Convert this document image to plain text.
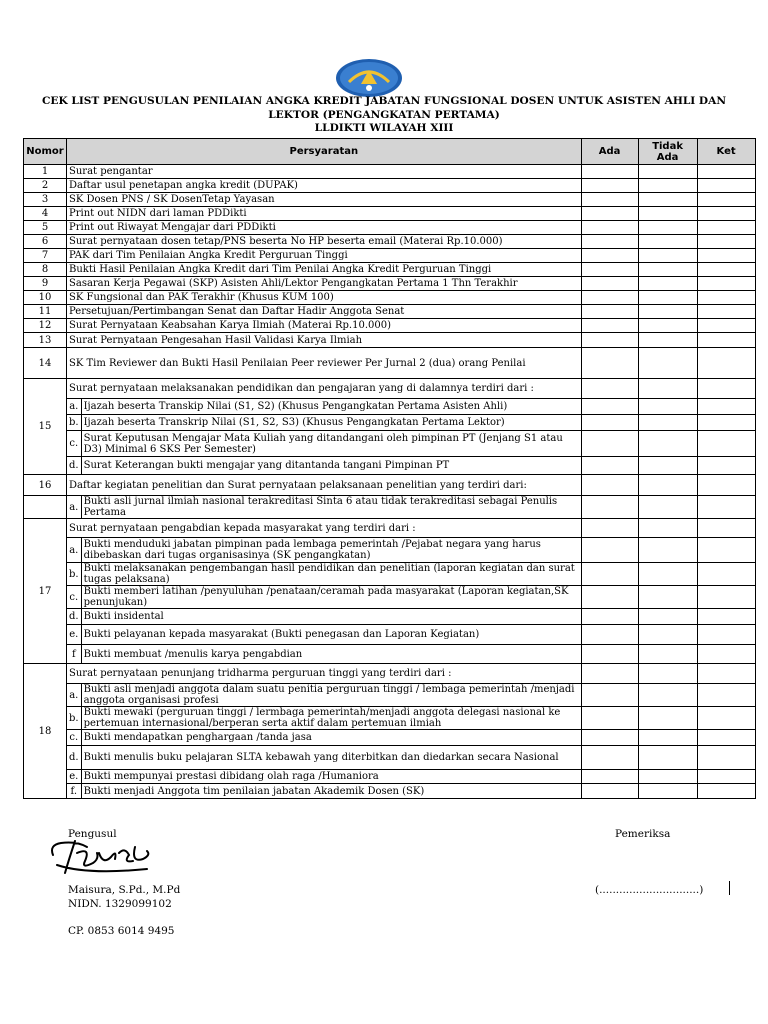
CEK LIST PENGUSULAN PENILAIAN ANGKA KREDIT JABATAN FUNGSIONAL DOSEN UNTUK ASISTEN AHLI DAN
LEKTOR (PENGANGKATAN PERTAMA)
LLDIKTI WILAYAH XIII
Nomor	Persyaratan		Ada	Tidak Ada	Ket
1	Surat pengantar				
2	Daftar usul penetapan angka kredit (DUPAK)				
3	SK Dosen PNS / SK DosenTetap Yayasan				
4	Print out NIDN dari laman PDDikti				
5	Print out Riwayat Mengajar dari PDDikti				
6	Surat pernyataan dosen tetap/PNS beserta No HP beserta email (Materai Rp.10.000)				
7	PAK dari Tim Penilaian Angka Kredit Perguruan Tinggi				
8	Bukti Hasil Penilaian Angka Kredit dari Tim Penilai Angka Kredit Perguruan Tinggi				
9	Sasaran Kerja Pegawai (SKP) Asisten Ahli/Lektor Pengangkatan Pertama 1 Thn Terakhir				
10	SK Fungsional dan PAK Terakhir (Khusus KUM 100)				
11	Persetujuan/Pertimbangan Senat dan Daftar Hadir Anggota Senat				
12	Surat Pernyataan Keabsahan Karya Ilmiah (Materai Rp.10.000)				
13	Surat Pernyataan Pengesahan Hasil Validasi Karya Ilmiah				
14	SK Tim Reviewer dan Bukti Hasil Penilaian Peer reviewer Per Jurnal 2 (dua) orang Penilai				
15	Surat pernyataan melaksanakan pendidikan dan pengajaran yang di dalamnya terdiri dari :				
	a.	Ijazah beserta Transkip Nilai (S1, S2) (Khusus Pengangkatan Pertama Asisten Ahli)			
	b.	Ijazah beserta Transkrip Nilai (S1, S2, S3) (Khusus Pengangkatan Pertama Lektor)			
	c.	Surat Keputusan Mengajar Mata Kuliah yang ditandangani oleh pimpinan PT (Jenjang S1 atau D3) Minimal 6 SKS Per Semester)			
	d.	Surat Keterangan bukti mengajar yang ditantanda tangani Pimpinan PT			
16	Daftar kegiatan penelitian dan Surat pernyataan pelaksanaan penelitian yang terdiri dari:				
	a.	Bukti asli jurnal ilmiah nasional terakreditasi Sinta 6 atau tidak terakreditasi sebagai Penulis Pertama			
17	Surat pernyataan pengabdian kepada masyarakat yang terdiri dari :				
	a.	Bukti menduduki jabatan pimpinan pada lembaga pemerintah /Pejabat negara yang harus dibebaskan dari tugas organisasinya (SK pengangkatan)			
	b.	Bukti melaksanakan pengembangan hasil pendidikan dan penelitian (laporan kegiatan dan surat tugas pelaksana)			
	c.	Bukti memberi latihan /penyuluhan /penataan/ceramah pada masyarakat (Laporan kegiatan,SK penunjukan)			
	d.	Bukti insidental			
	e.	Bukti pelayanan kepada masyarakat (Bukti penegasan dan Laporan Kegiatan)			
	f	Bukti membuat /menulis karya pengabdian			
18	Surat pernyataan penunjang tridharma perguruan tinggi yang terdiri dari :				
	a.	Bukti asli menjadi anggota dalam suatu penitia perguruan tinggi / lembaga pemerintah /menjadi anggota organisasi profesi			
	b.	Bukti mewaki (perguruan tinggi / lermbaga pemerintah/menjadi anggota delegasi nasional ke pertemuan internasional/berperan serta aktif dalam pertemuan ilmiah			
	c.	Bukti mendapatkan penghargaan /tanda jasa			
	d.	Bukti menulis buku pelajaran SLTA kebawah yang diterbitkan dan diedarkan secara Nasional			
	e.	Bukti mempunyai prestasi dibidang olah raga /Humaniora			
	f.	Bukti menjadi Anggota tim penilaian jabatan Akademik Dosen (SK)			
Pengusul	Pemeriksa
Maisura, S.Pd., M.Pd	(..............................)
NIDN. 1329099102
CP. 0853 6014 9495
